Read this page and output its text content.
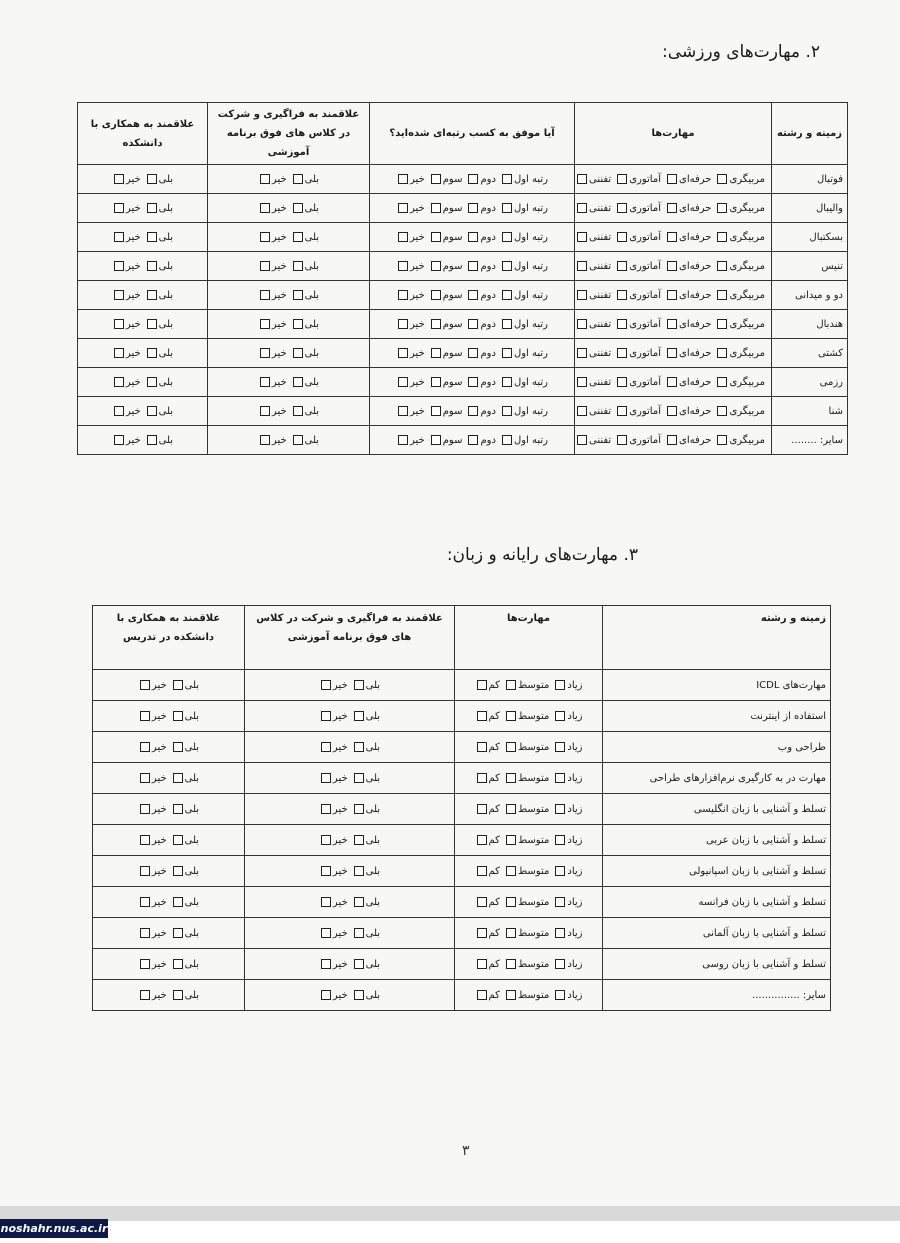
۲. مهارت‌های ورزشی:
زمینه و رشته	مهارت‌ها	آیا موفق به کسب رتبه‌ای شده‌اید؟	علاقمند به فراگیری و شرکت در کلاس های فوق برنامه آموزشی	علاقمند به همکاری با دانشکده
فوتبال	مربیگریحرفه‌ایآماتوریتفننی	رتبه اولدومسومخیر	بلیخیر	بلیخیر
والیبال	مربیگریحرفه‌ایآماتوریتفننی	رتبه اولدومسومخیر	بلیخیر	بلیخیر
بسکتبال	مربیگریحرفه‌ایآماتوریتفننی	رتبه اولدومسومخیر	بلیخیر	بلیخیر
تنیس	مربیگریحرفه‌ایآماتوریتفننی	رتبه اولدومسومخیر	بلیخیر	بلیخیر
دو و میدانی	مربیگریحرفه‌ایآماتوریتفننی	رتبه اولدومسومخیر	بلیخیر	بلیخیر
هندبال	مربیگریحرفه‌ایآماتوریتفننی	رتبه اولدومسومخیر	بلیخیر	بلیخیر
کشتی	مربیگریحرفه‌ایآماتوریتفننی	رتبه اولدومسومخیر	بلیخیر	بلیخیر
رزمی	مربیگریحرفه‌ایآماتوریتفننی	رتبه اولدومسومخیر	بلیخیر	بلیخیر
شنا	مربیگریحرفه‌ایآماتوریتفننی	رتبه اولدومسومخیر	بلیخیر	بلیخیر
سایر: ........	مربیگریحرفه‌ایآماتوریتفننی	رتبه اولدومسومخیر	بلیخیر	بلیخیر
۳. مهارت‌های رایانه و زبان:
زمینه و رشته	مهارت‌ها	علاقمند به فراگیری و شرکت در کلاس های فوق برنامه آموزشی	علاقمند به همکاری با دانشکده در تدریس
مهارت‌های ICDL	زیادمتوسطکم	بلیخیر	بلیخیر
استفاده از اینترنت	زیادمتوسطکم	بلیخیر	بلیخیر
طراحی وب	زیادمتوسطکم	بلیخیر	بلیخیر
مهارت در به کارگیری نرم‌افزارهای طراحی	زیادمتوسطکم	بلیخیر	بلیخیر
تسلط و آشنایی با زبان انگلیسی	زیادمتوسطکم	بلیخیر	بلیخیر
تسلط و آشنایی با زبان عربی	زیادمتوسطکم	بلیخیر	بلیخیر
تسلط و آشنایی با زبان اسپانیولی	زیادمتوسطکم	بلیخیر	بلیخیر
تسلط و آشنایی با زبان فرانسه	زیادمتوسطکم	بلیخیر	بلیخیر
تسلط و آشنایی با زبان آلمانی	زیادمتوسطکم	بلیخیر	بلیخیر
تسلط و آشنایی با زبان روسی	زیادمتوسطکم	بلیخیر	بلیخیر
سایر: ...............	زیادمتوسطکم	بلیخیر	بلیخیر
۳
noshahr.nus.ac.ir
